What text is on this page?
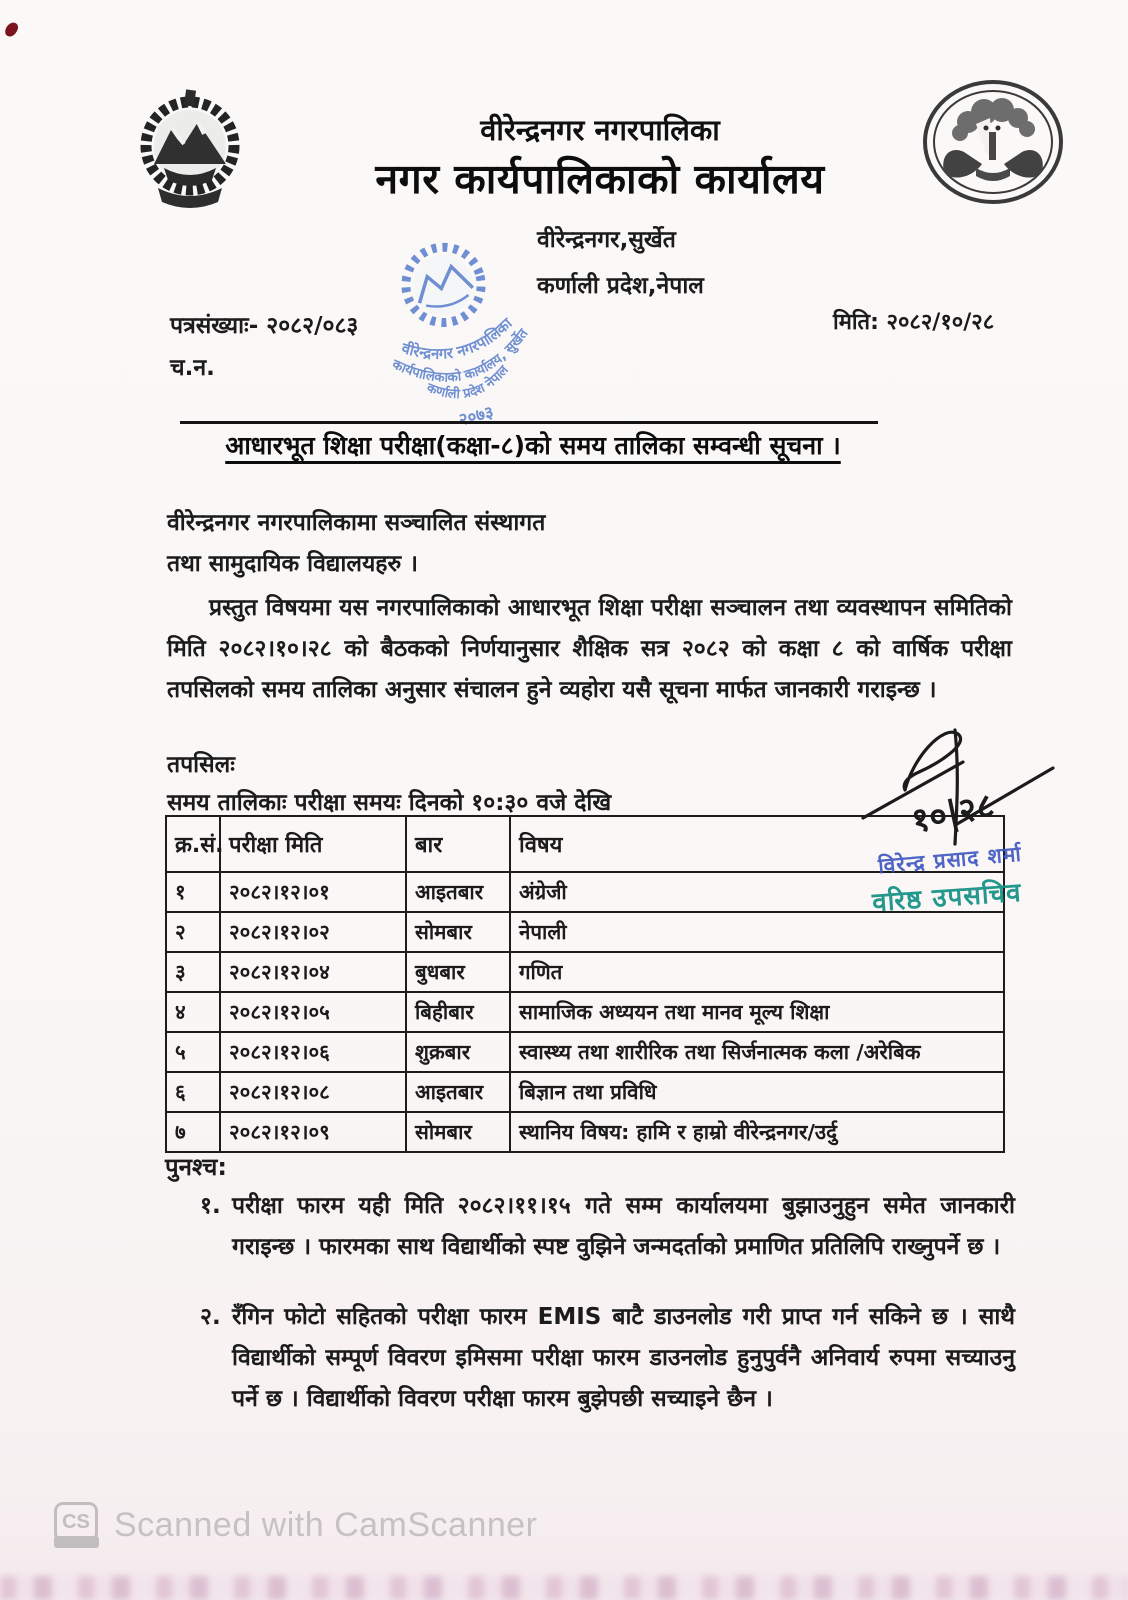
वीरेन्द्रनगर नगरपालिका
नगर कार्यपालिकाको कार्यालय
वीरेन्द्रनगर,सुर्खेत
कर्णाली प्रदेश,नेपाल
वीरेन्द्रनगर नगरपालिका
कार्यपालिकाको कार्यालय, सुर्खेत
कर्णाली प्रदेश नेपाल
२०७३
पत्रसंख्याः- २०८२/०८३
च.न.
मिति: २०८२/१०/२८
आधारभूत शिक्षा परीक्षा(कक्षा-८)को समय तालिका सम्वन्धी सूचना ।
वीरेन्द्रनगर नगरपालिकामा सञ्चालित संस्थागत
तथा सामुदायिक विद्यालयहरु ।
प्रस्तुत विषयमा यस नगरपालिकाको आधारभूत शिक्षा परीक्षा सञ्चालन तथा व्यवस्थापन समितिको मिति २०८२।१०।२८ को बैठकको निर्णयानुसार शैक्षिक सत्र २०८२ को कक्षा ८ को वार्षिक परीक्षा तपसिलको समय तालिका अनुसार संचालन हुने व्यहोरा यसै सूचना मार्फत जानकारी गराइन्छ ।
तपसिलः
समय तालिकाः परीक्षा समयः दिनको १०:३० वजे देखि
क्र.सं.	परीक्षा मिति	बार	विषय
१	२०८२।१२।०१	आइतबार	अंग्रेजी
२	२०८२।१२।०२	सोमबार	नेपाली
३	२०८२।१२।०४	बुधबार	गणित
४	२०८२।१२।०५	बिहीबार	सामाजिक अध्ययन तथा मानव मूल्य शिक्षा
५	२०८२।१२।०६	शुक्रबार	स्वास्थ्य तथा शारीरिक तथा सिर्जनात्मक कला /अरेबिक
६	२०८२।१२।०८	आइतबार	बिज्ञान तथा प्रविधि
७	२०८२।१२।०९	सोमबार	स्थानिय विषय: हामि र हाम्रो वीरेन्द्रनगर/उर्दु
१०|२८
विरेन्द्र प्रसाद शर्मा
वरिष्ठ उपसचिव
पुनश्च:
१. परीक्षा फारम यही मिति २०८२।११।१५ गते सम्म कार्यालयमा बुझाउनुहुन समेत जानकारी गराइन्छ । फारमका साथ विद्यार्थीको स्पष्ट वुझिने जन्मदर्ताको प्रमाणित प्रतिलिपि राख्नुपर्ने छ ।
२. रँगिन फोटो सहितको परीक्षा फारम EMIS बाटै डाउनलोड गरी प्राप्त गर्न सकिने छ । साथै विद्यार्थीको सम्पूर्ण विवरण इमिसमा परीक्षा फारम डाउनलोड हुनुपुर्वनै अनिवार्य रुपमा सच्याउनु पर्ने छ । विद्यार्थीको विवरण परीक्षा फारम बुझेपछी सच्याइने छैन ।
CS Scanned with CamScanner
